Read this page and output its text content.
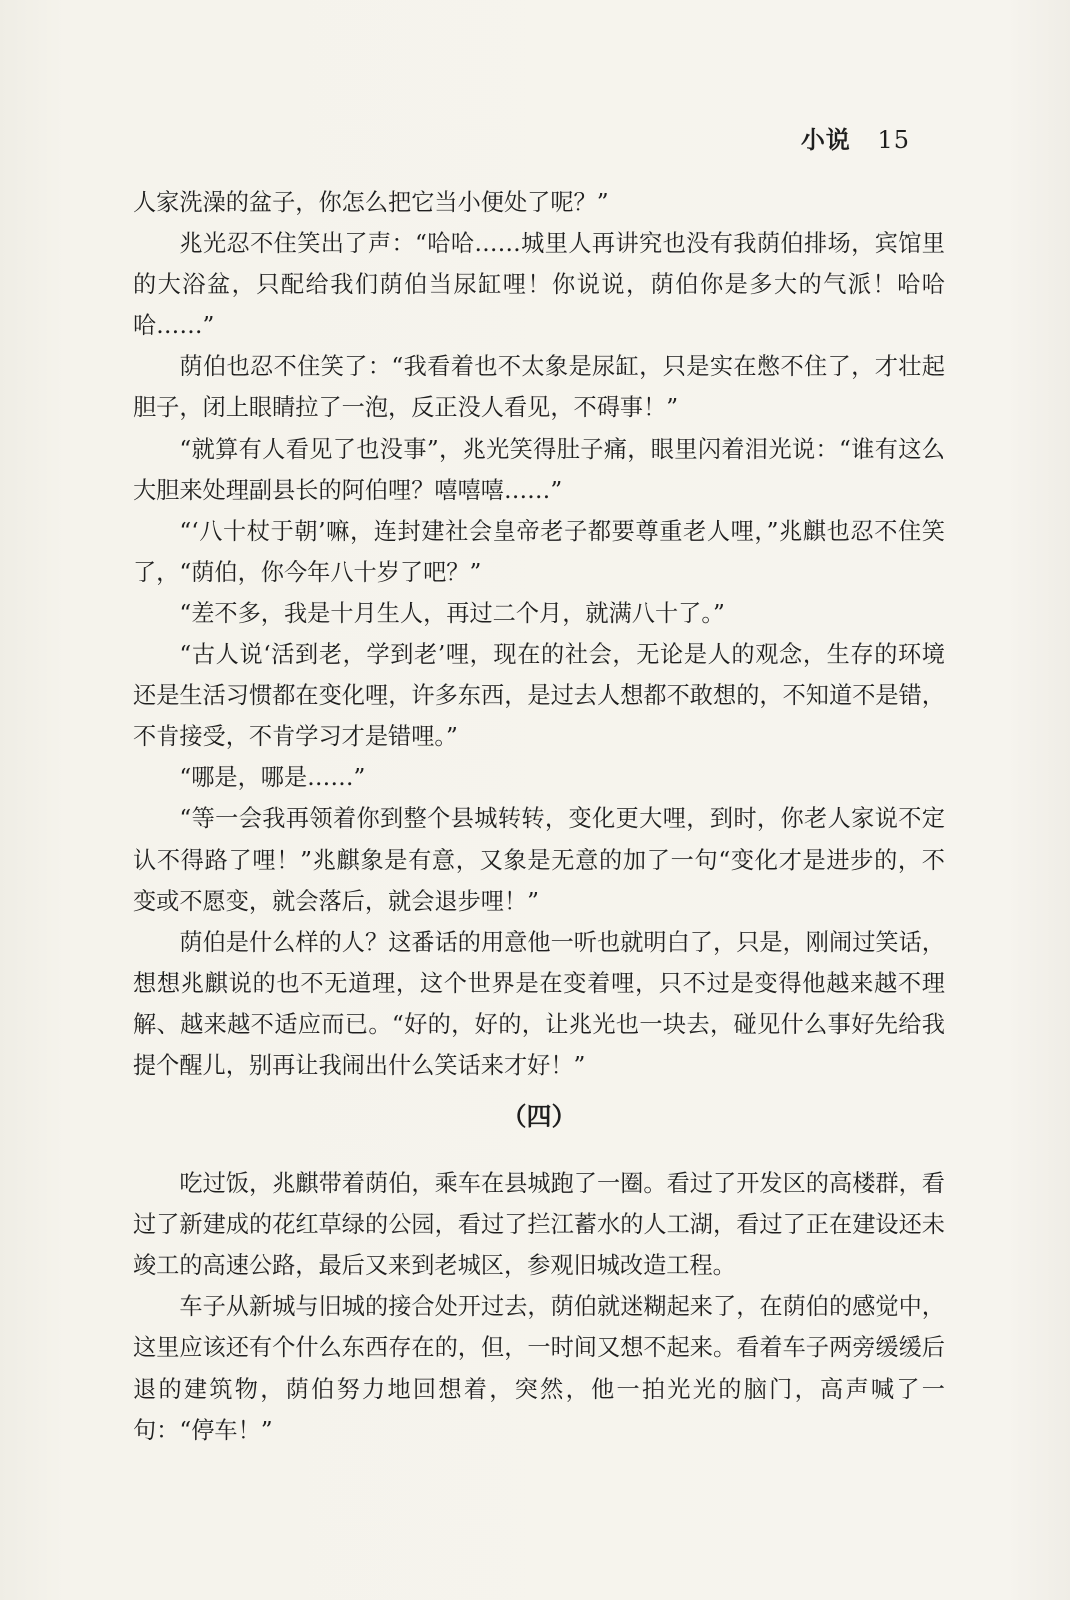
小说 15

人家洗澡的盆子，你怎么把它当小便处了呢？”

兆光忍不住笑出了声：“哈哈……城里人再讲究也没有我荫伯排场，宾馆里的大浴盆，只配给我们荫伯当尿缸哩！你说说，荫伯你是多大的气派！哈哈哈……”

荫伯也忍不住笑了：“我看着也不太象是尿缸，只是实在憋不住了，才壮起胆子，闭上眼睛拉了一泡，反正没人看见，不碍事！”

“就算有人看见了也没事”，兆光笑得肚子痛，眼里闪着泪光说：“谁有这么大胆来处理副县长的阿伯哩？嘻嘻嘻……”

“‘八十杖于朝’嘛，连封建社会皇帝老子都要尊重老人哩，”兆麒也忍不住笑了，“荫伯，你今年八十岁了吧？”

“差不多，我是十月生人，再过二个月，就满八十了。”

“古人说‘活到老，学到老’哩，现在的社会，无论是人的观念，生存的环境还是生活习惯都在变化哩，许多东西，是过去人想都不敢想的，不知道不是错，不肯接受，不肯学习才是错哩。”

“哪是，哪是……”

“等一会我再领着你到整个县城转转，变化更大哩，到时，你老人家说不定认不得路了哩！”兆麒象是有意，又象是无意的加了一句“变化才是进步的，不变或不愿变，就会落后，就会退步哩！”

荫伯是什么样的人？这番话的用意他一听也就明白了，只是，刚闹过笑话，想想兆麒说的也不无道理，这个世界是在变着哩，只不过是变得他越来越不理解、越来越不适应而已。“好的，好的，让兆光也一块去，碰见什么事好先给我提个醒儿，别再让我闹出什么笑话来才好！”

（四）

吃过饭，兆麒带着荫伯，乘车在县城跑了一圈。看过了开发区的高楼群，看过了新建成的花红草绿的公园，看过了拦江蓄水的人工湖，看过了正在建设还未竣工的高速公路，最后又来到老城区，参观旧城改造工程。

车子从新城与旧城的接合处开过去，荫伯就迷糊起来了，在荫伯的感觉中，这里应该还有个什么东西存在的，但，一时间又想不起来。看着车子两旁缓缓后退的建筑物，荫伯努力地回想着，突然，他一拍光光的脑门，高声喊了一句：“停车！”
